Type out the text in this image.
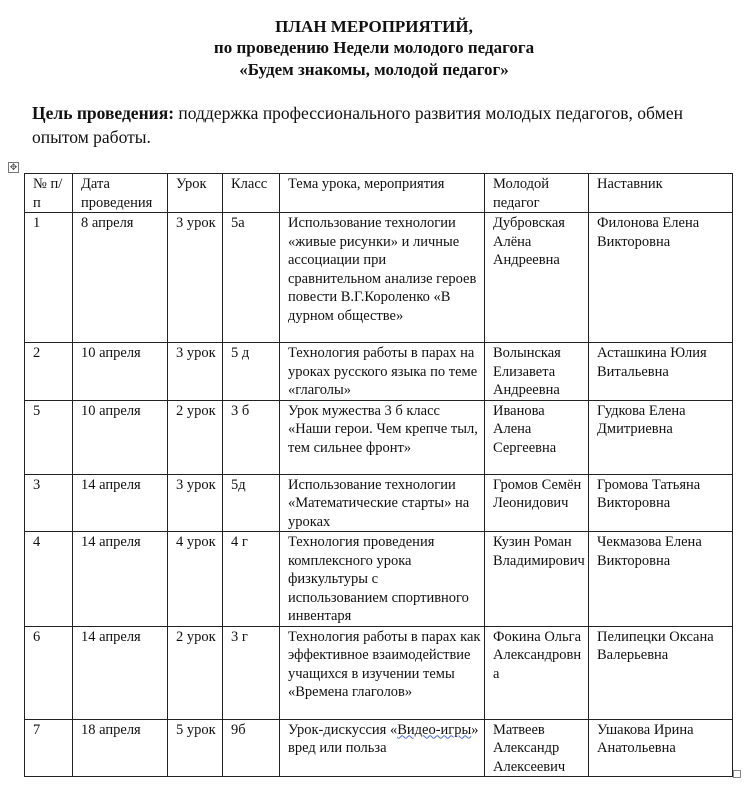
ПЛАН МЕРОПРИЯТИЙ,
по проведению Недели молодого педагога
«Будем знакомы, молодой педагог»
Цель проведения: поддержка профессионального развития молодых педагогов, обмен опытом работы.
✥
№ п/п	Дата проведения	Урок	Класс	Тема урока, мероприятия	Молодой педагог	Наставник
1	8 апреля	3 урок	5а	Использование технологии «живые рисунки» и личные ассоциации при сравнительном анализе героев повести В.Г.Короленко «В дурном обществе»	Дубровская Алёна Андреевна	Филонова Елена Викторовна
2	10 апреля	3 урок	5 д	Технология работы в парах на уроках русского языка по теме «глаголы»	Волынская Елизавета Андреевна	Асташкина Юлия Витальевна
5	10 апреля	2 урок	3 б	Урок мужества 3 б класс «Наши герои. Чем крепче тыл, тем сильнее фронт»	Иванова Алена Сергеевна	Гудкова Елена Дмитриевна
3	14 апреля	3 урок	5д	Использование технологии «Математические старты» на уроках	Громов Семён Леонидович	Громова Татьяна Викторовна
4	14 апреля	4 урок	4 г	Технология проведения комплексного урока физкультуры с использованием спортивного инвентаря	Кузин Роман Владимирович	Чекмазова Елена Викторовна
6	14 апреля	2 урок	3 г	Технология работы в парах как эффективное взаимодействие учащихся в изучении темы «Времена глаголов»	Фокина Ольга Александровна	Пелипецки Оксана Валерьевна
7	18 апреля	5 урок	9б	Урок-дискуссия «Видео-игры» вред или польза	Матвеев Александр Алексеевич	Ушакова Ирина Анатольевна
